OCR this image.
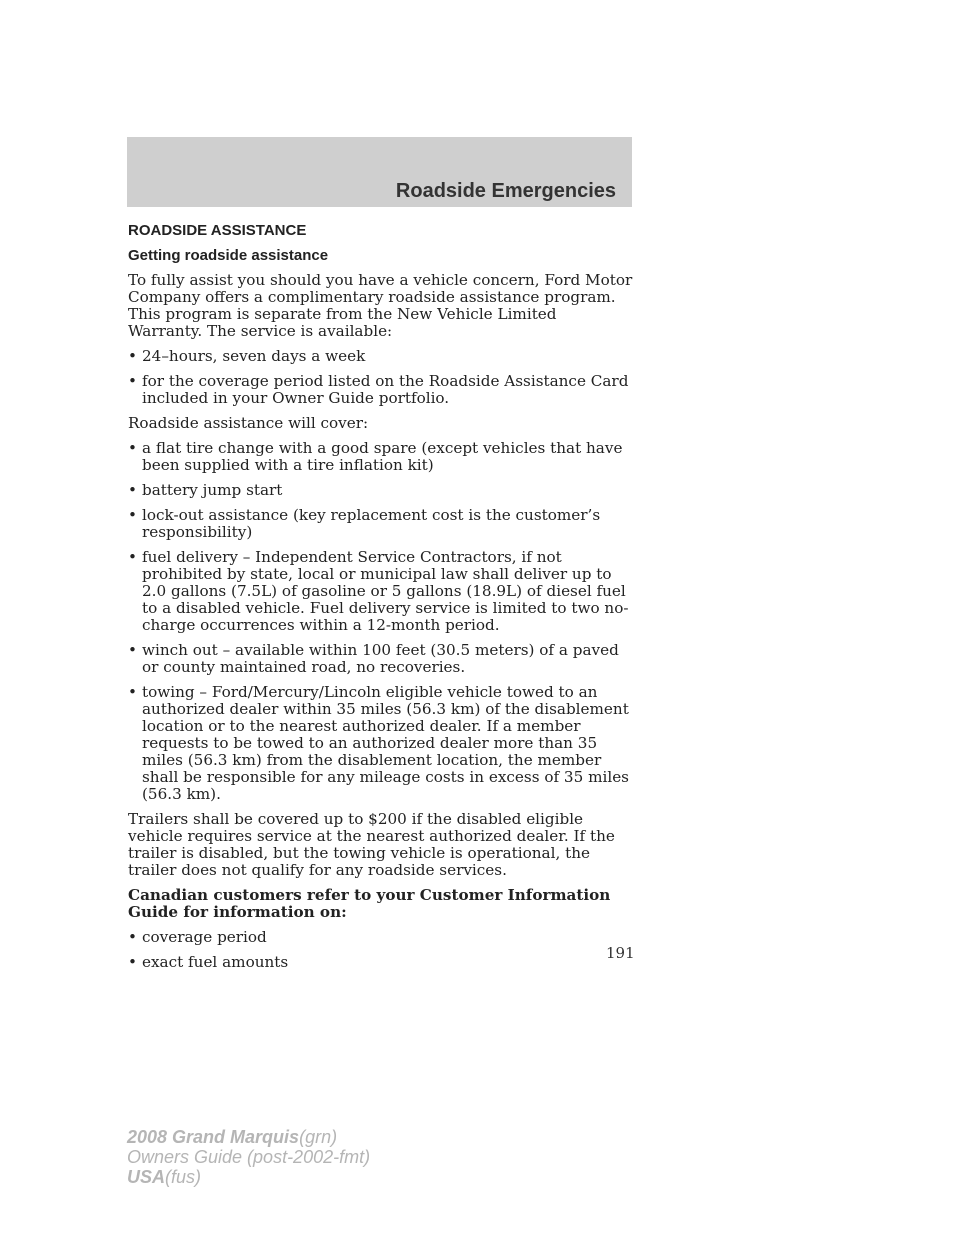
Roadside Emergencies
ROADSIDE ASSISTANCE
Getting roadside assistance

To fully assist you should you have a vehicle concern, Ford Motor Company offers a complimentary roadside assistance program. This program is separate from the New Vehicle Limited Warranty. The service is available:

• 24–hours, seven days a week
• for the coverage period listed on the Roadside Assistance Card included in your Owner Guide portfolio.

Roadside assistance will cover:

• a flat tire change with a good spare (except vehicles that have been supplied with a tire inflation kit)
• battery jump start
• lock-out assistance (key replacement cost is the customer’s responsibility)
• fuel delivery – Independent Service Contractors, if not prohibited by state, local or municipal law shall deliver up to 2.0 gallons (7.5L) of gasoline or 5 gallons (18.9L) of diesel fuel to a disabled vehicle. Fuel delivery service is limited to two no-charge occurrences within a 12-month period.
• winch out – available within 100 feet (30.5 meters) of a paved or county maintained road, no recoveries.
• towing – Ford/Mercury/Lincoln eligible vehicle towed to an authorized dealer within 35 miles (56.3 km) of the disablement location or to the nearest authorized dealer. If a member requests to be towed to an authorized dealer more than 35 miles (56.3 km) from the disablement location, the member shall be responsible for any mileage costs in excess of 35 miles (56.3 km).

Trailers shall be covered up to $200 if the disabled eligible vehicle requires service at the nearest authorized dealer. If the trailer is disabled, but the towing vehicle is operational, the trailer does not qualify for any roadside services.

Canadian customers refer to your Customer Information Guide for information on:

• coverage period
• exact fuel amounts	191
2008 Grand Marquis(grn)
Owners Guide (post-2002-fmt)
USA(fus)
